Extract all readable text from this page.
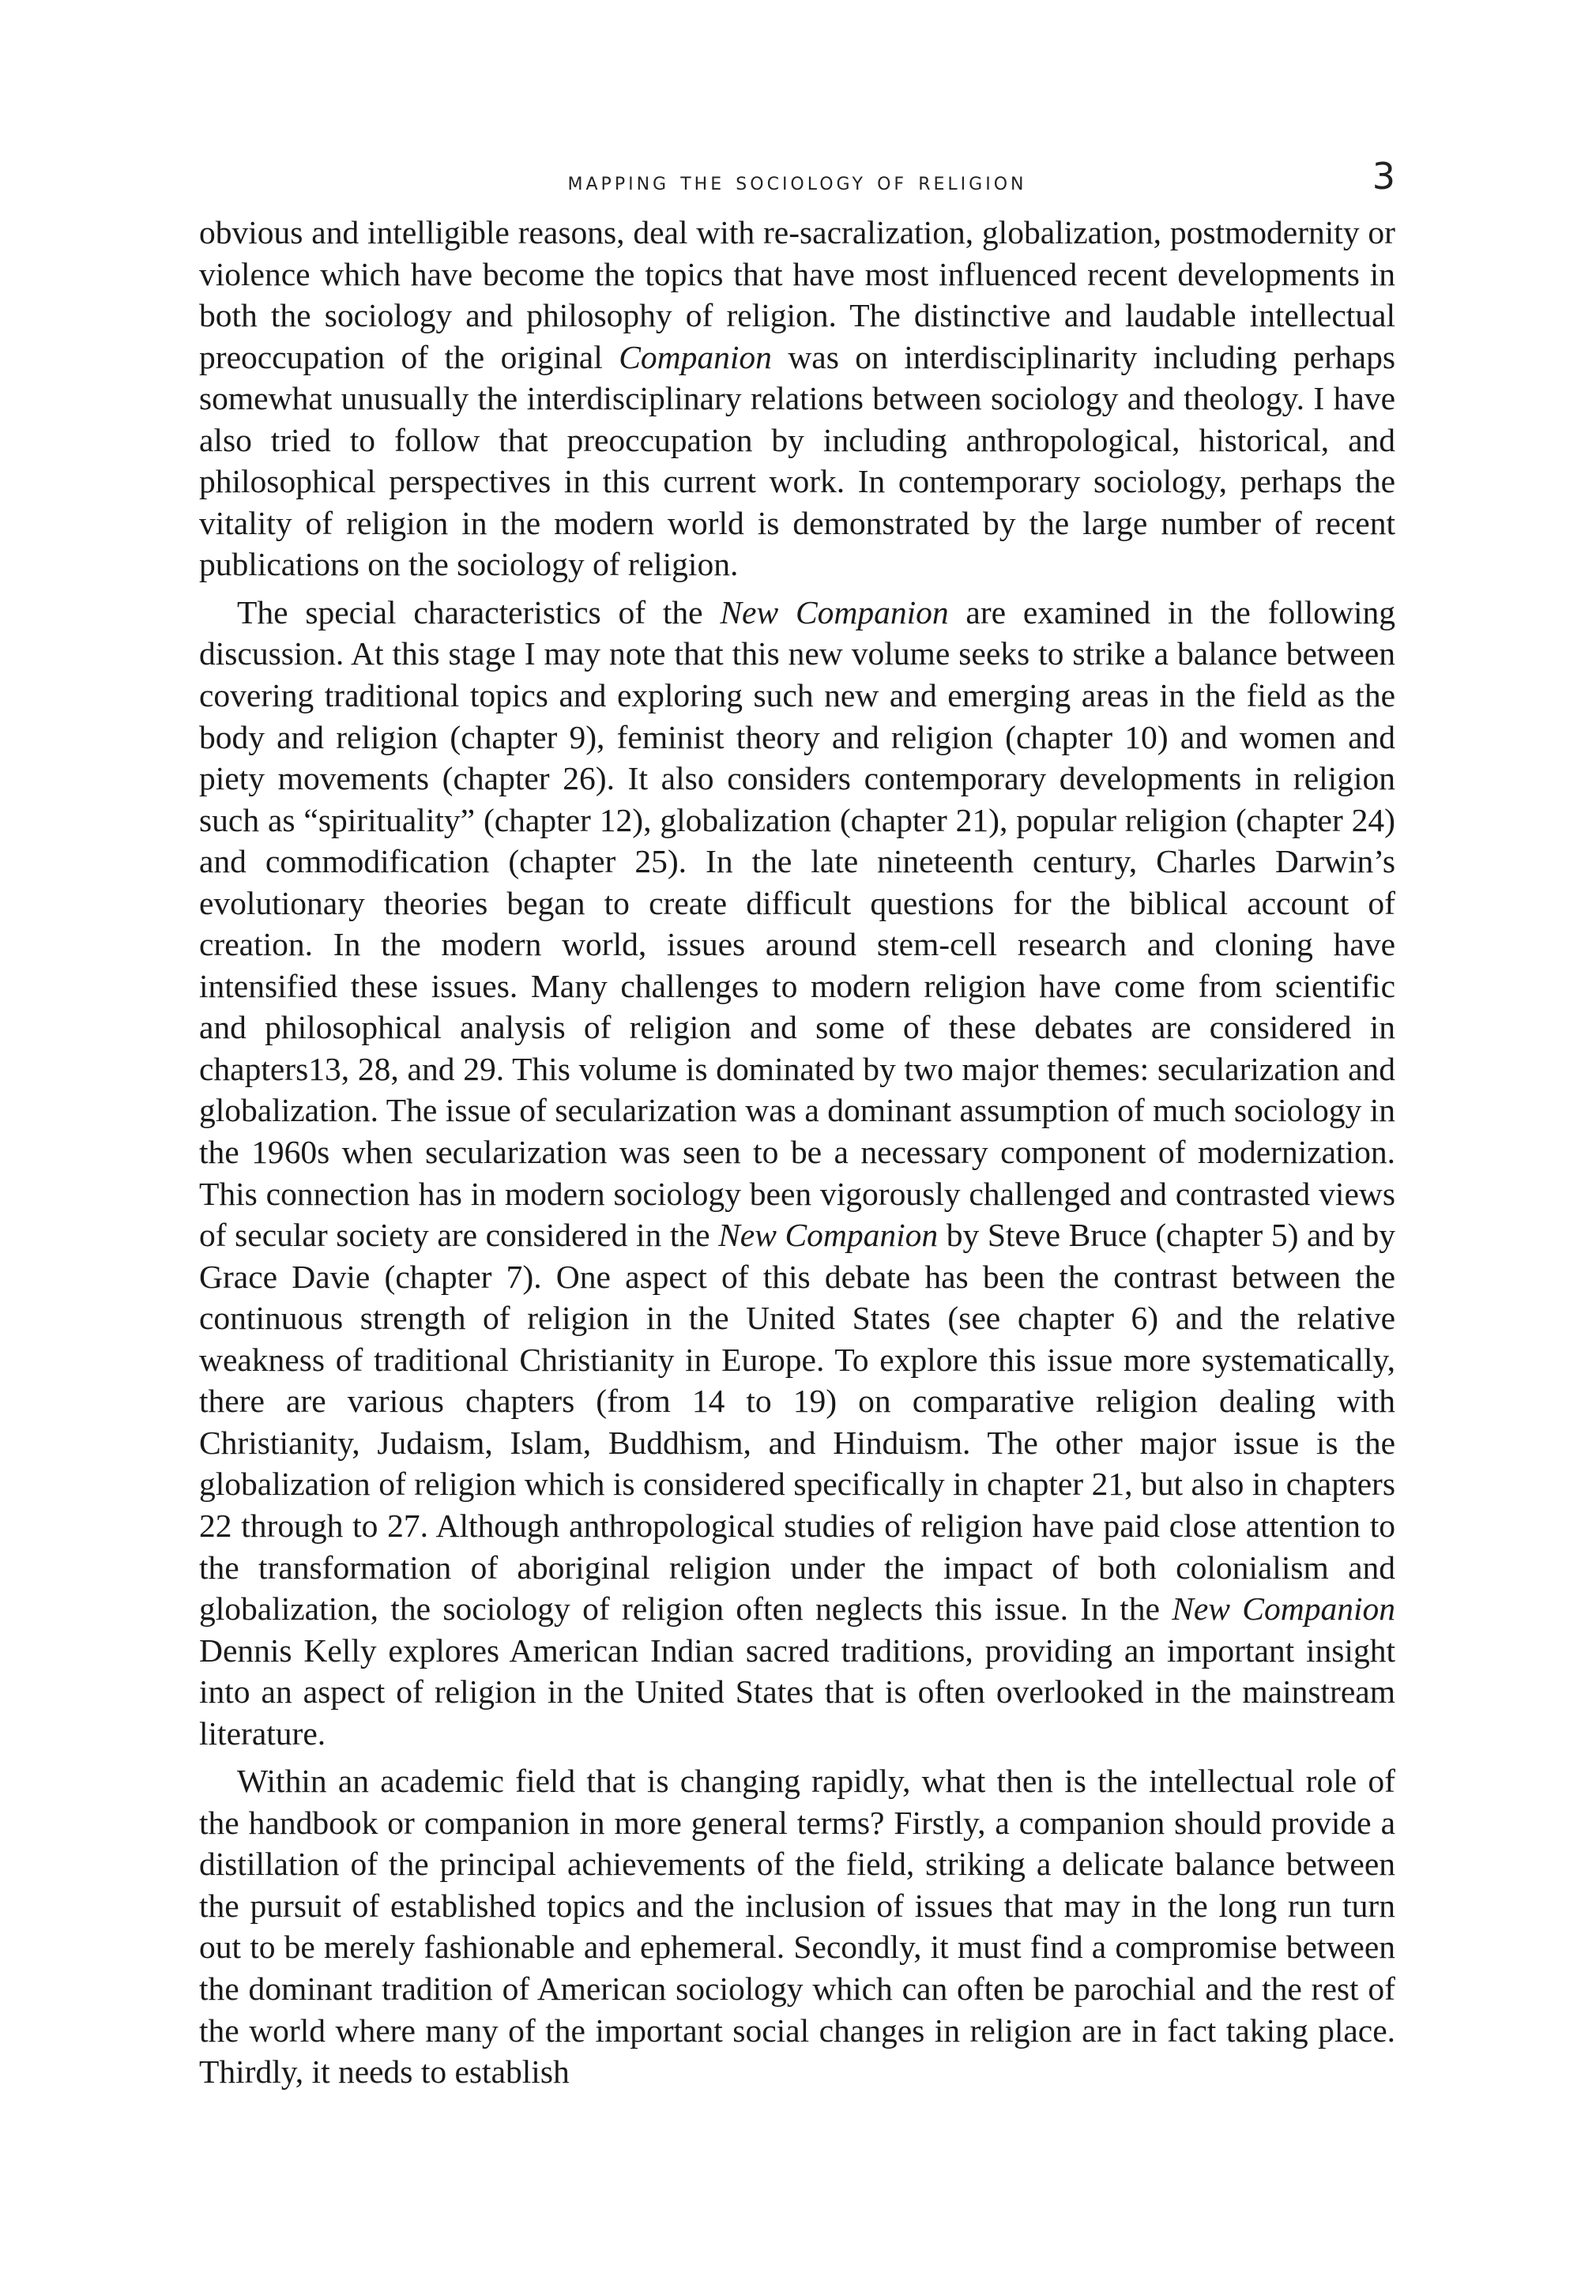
mapping the sociology of religion	3

obvious and intelligible reasons, deal with re-sacralization, globalization, postmodernity or violence which have become the topics that have most influenced recent developments in both the sociology and philosophy of religion. The distinctive and laudable intellectual preoccupation of the original Companion was on interdisciplinarity including perhaps somewhat unusually the interdisciplinary relations between sociology and theology. I have also tried to follow that preoccupation by including anthropological, historical, and philosophical perspectives in this current work. In contemporary sociology, perhaps the vitality of religion in the modern world is demonstrated by the large number of recent publications on the sociology of religion.

The special characteristics of the New Companion are examined in the following discussion. At this stage I may note that this new volume seeks to strike a balance between covering traditional topics and exploring such new and emerging areas in the field as the body and religion (chapter 9), feminist theory and religion (chapter 10) and women and piety movements (chapter 26). It also considers contemporary developments in religion such as “spirituality” (chapter 12), globalization (chapter 21), popular religion (chapter 24) and commodification (chapter 25). In the late nineteenth century, Charles Darwin’s evolutionary theories began to create difficult questions for the biblical account of creation. In the modern world, issues around stem-cell research and cloning have intensified these issues. Many challenges to modern religion have come from scientific and philosophical analysis of religion and some of these debates are considered in chapters13, 28, and 29. This volume is dominated by two major themes: secularization and globalization. The issue of secularization was a dominant assumption of much sociology in the 1960s when secularization was seen to be a necessary component of modernization. This connection has in modern sociology been vigorously challenged and contrasted views of secular society are considered in the New Companion by Steve Bruce (chapter 5) and by Grace Davie (chapter 7). One aspect of this debate has been the contrast between the continuous strength of religion in the United States (see chapter 6) and the relative weakness of traditional Christianity in Europe. To explore this issue more systematically, there are various chapters (from 14 to 19) on comparative religion dealing with Christianity, Judaism, Islam, Buddhism, and Hinduism. The other major issue is the globalization of religion which is considered specifically in chapter 21, but also in chapters 22 through to 27. Although anthropological studies of religion have paid close attention to the transformation of aboriginal religion under the impact of both colonialism and globalization, the sociology of religion often neglects this issue. In the New Companion Dennis Kelly explores American Indian sacred traditions, providing an important insight into an aspect of religion in the United States that is often overlooked in the mainstream literature.

Within an academic field that is changing rapidly, what then is the intellectual role of the handbook or companion in more general terms? Firstly, a companion should provide a distillation of the principal achievements of the field, striking a delicate balance between the pursuit of established topics and the inclusion of issues that may in the long run turn out to be merely fashionable and ephemeral. Secondly, it must find a compromise between the dominant tradition of American sociology which can often be parochial and the rest of the world where many of the important social changes in religion are in fact taking place. Thirdly, it needs to establish
